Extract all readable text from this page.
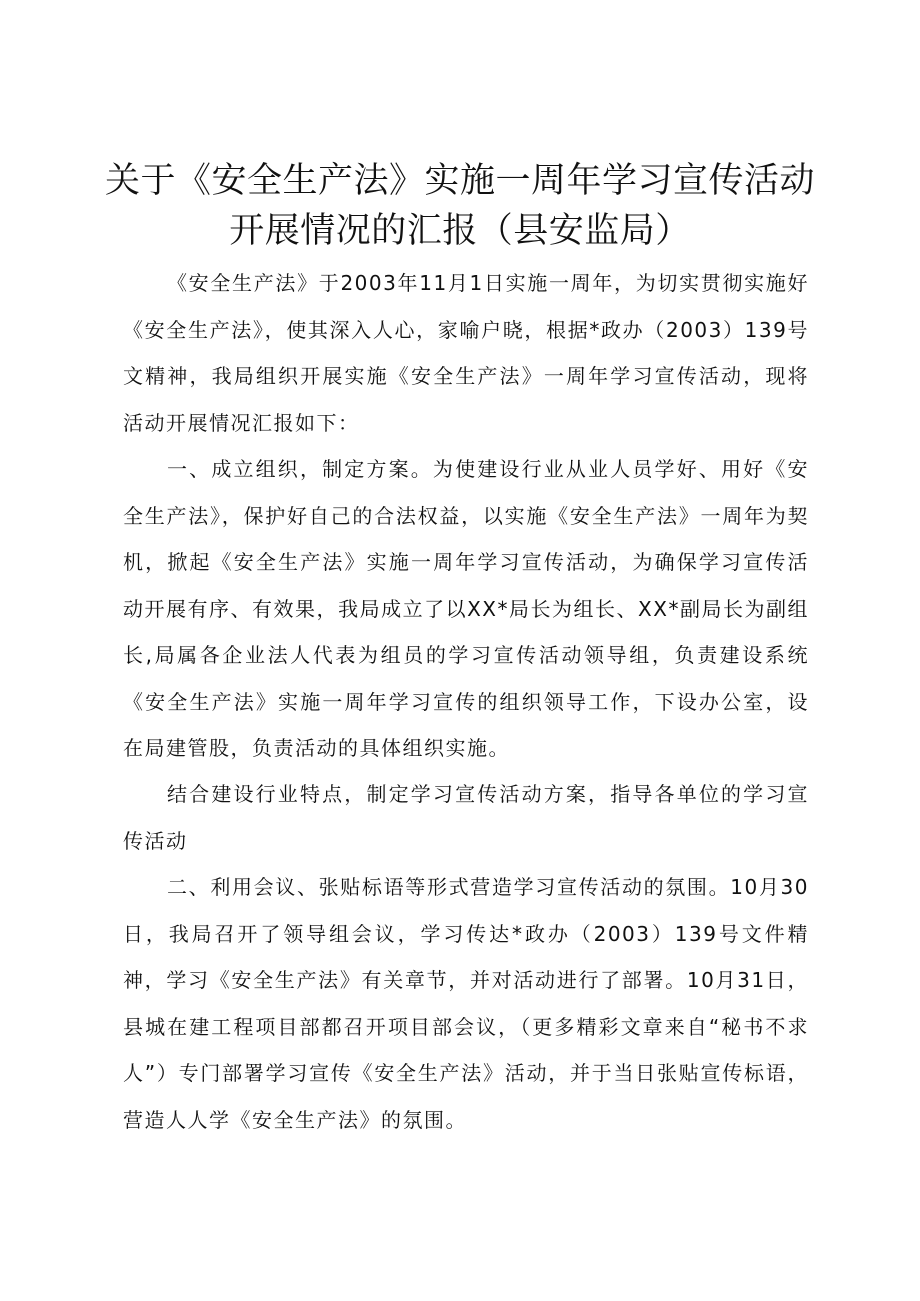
关于《安全生产法》实施一周年学习宣传活动
开展情况的汇报（县安监局）

《安全生产法》于2003年11月1日实施一周年，为切实贯彻实施好《安全生产法》，使其深入人心，家喻户晓，根据*政办（2003）139号文精神，我局组织开展实施《安全生产法》一周年学习宣传活动，现将活动开展情况汇报如下：

一、成立组织，制定方案。为使建设行业从业人员学好、用好《安全生产法》，保护好自己的合法权益，以实施《安全生产法》一周年为契机，掀起《安全生产法》实施一周年学习宣传活动，为确保学习宣传活动开展有序、有效果，我局成立了以XX*局长为组长、XX*副局长为副组长,局属各企业法人代表为组员的学习宣传活动领导组，负责建设系统《安全生产法》实施一周年学习宣传的组织领导工作，下设办公室，设在局建管股，负责活动的具体组织实施。

结合建设行业特点，制定学习宣传活动方案，指导各单位的学习宣传活动

二、利用会议、张贴标语等形式营造学习宣传活动的氛围。10月30日，我局召开了领导组会议，学习传达*政办（2003）139号文件精神，学习《安全生产法》有关章节，并对活动进行了部署。10月31日，县城在建工程项目部都召开项目部会议，（更多精彩文章来自“秘书不求人”）专门部署学习宣传《安全生产法》活动，并于当日张贴宣传标语，营造人人学《安全生产法》的氛围。
